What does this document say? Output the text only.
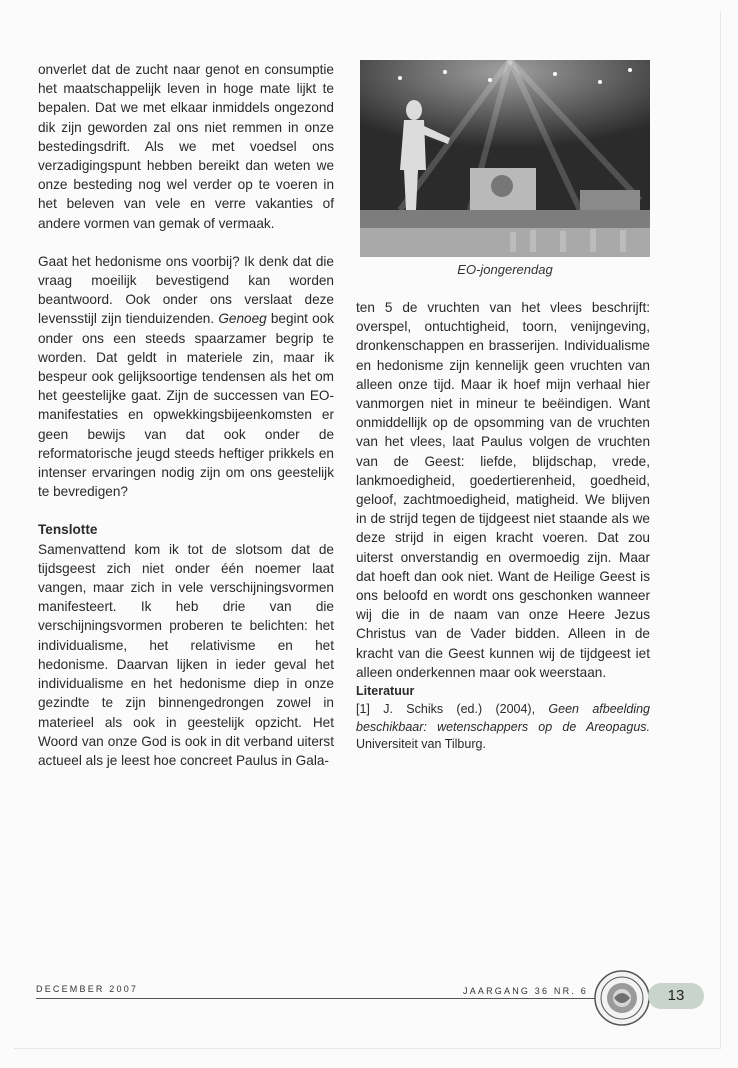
onverlet dat de zucht naar genot en consumptie het maatschappelijk leven in hoge mate lijkt te bepalen. Dat we met elkaar inmiddels ongezond dik zijn geworden zal ons niet remmen in onze bestedingsdrift. Als we met voedsel ons verzadigingspunt hebben bereikt dan weten we onze besteding nog wel verder op te voeren in het beleven van vele en verre vakanties of andere vormen van gemak of vermaak.

Gaat het hedonisme ons voorbij? Ik denk dat die vraag moeilijk bevestigend kan worden beantwoord. Ook onder ons verslaat deze levensstijl zijn tienduizenden. Genoeg begint ook onder ons een steeds spaarzamer begrip te worden. Dat geldt in materiele zin, maar ik bespeur ook gelijksoortige tendensen als het om het geestelijke gaat. Zijn de successen van EO-manifestaties en opwekkingsbijeenkomsten er geen bewijs van dat ook onder de reformatorische jeugd steeds heftiger prikkels en intenser ervaringen nodig zijn om ons geestelijk te bevredigen?

Tenslotte

Samenvattend kom ik tot de slotsom dat de tijdsgeest zich niet onder één noemer laat vangen, maar zich in vele verschijningsvormen manifesteert. Ik heb drie van die verschijningsvormen proberen te belichten: het individualisme, het relativisme en het hedonisme. Daarvan lijken in ieder geval het individualisme en het hedonisme diep in onze gezindte te zijn binnengedrongen zowel in materieel als ook in geestelijk opzicht. Het Woord van onze God is ook in dit verband uiterst actueel als je leest hoe concreet Paulus in Gala-

EO-jongerendag

ten 5 de vruchten van het vlees beschrijft: overspel, ontuchtigheid, toorn, venijngeving, dronkenschappen en brasserijen. Individualisme en hedonisme zijn kennelijk geen vruchten van alleen onze tijd. Maar ik hoef mijn verhaal hier vanmorgen niet in mineur te beëindigen. Want onmiddellijk op de opsomming van de vruchten van het vlees, laat Paulus volgen de vruchten van de Geest: liefde, blijdschap, vrede, lankmoedigheid, goedertierenheid, goedheid, geloof, zachtmoedigheid, matigheid. We blijven in de strijd tegen de tijdgeest niet staande als we deze strijd in eigen kracht voeren. Dat zou uiterst onverstandig en overmoedig zijn. Maar dat hoeft dan ook niet. Want de Heilige Geest is ons beloofd en wordt ons geschonken wanneer wij die in de naam van onze Heere Jezus Christus van de Vader bidden. Alleen in de kracht van die Geest kunnen wij de tijdgeest iet alleen onderkennen maar ook weerstaan.

Literatuur

[1] J. Schiks (ed.) (2004), Geen afbeelding beschikbaar: wetenschappers op de Areopagus. Universiteit van Tilburg.

DECEMBER 2007	JAARGANG 36 NR. 6	13
